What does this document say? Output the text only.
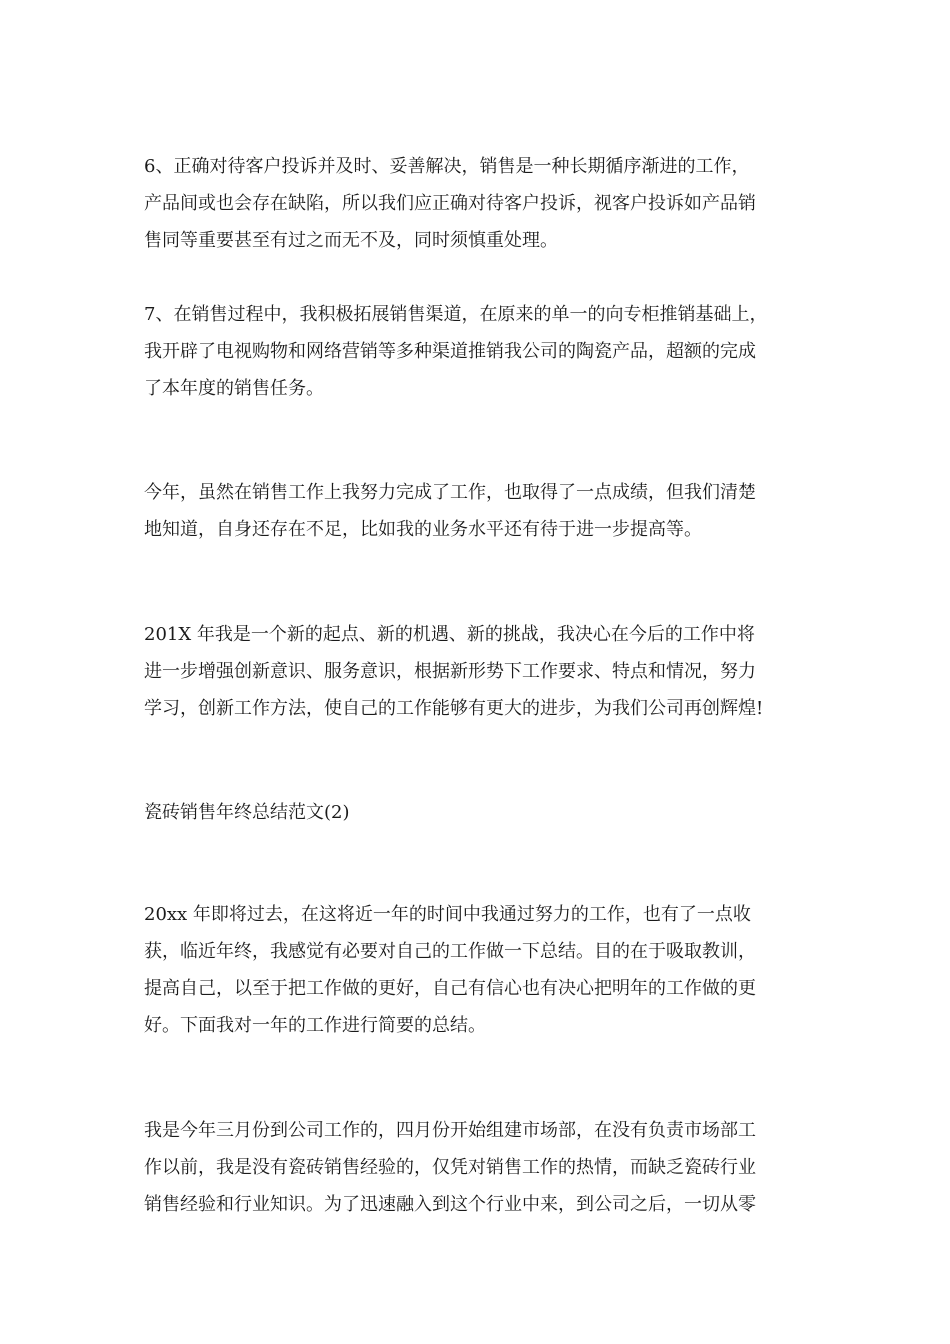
6、正确对待客户投诉并及时、妥善解决，销售是一种长期循序渐进的工作，
产品间或也会存在缺陷，所以我们应正确对待客户投诉，视客户投诉如产品销
售同等重要甚至有过之而无不及，同时须慎重处理。
7、在销售过程中，我积极拓展销售渠道，在原来的单一的向专柜推销基础上，
我开辟了电视购物和网络营销等多种渠道推销我公司的陶瓷产品，超额的完成
了本年度的销售任务。
今年，虽然在销售工作上我努力完成了工作，也取得了一点成绩，但我们清楚
地知道，自身还存在不足，比如我的业务水平还有待于进一步提高等。
201X 年我是一个新的起点、新的机遇、新的挑战，我决心在今后的工作中将
进一步增强创新意识、服务意识，根据新形势下工作要求、特点和情况，努力
学习，创新工作方法，使自己的工作能够有更大的进步，为我们公司再创辉煌!
瓷砖销售年终总结范文(2)
20xx 年即将过去，在这将近一年的时间中我通过努力的工作，也有了一点收
获，临近年终，我感觉有必要对自己的工作做一下总结。目的在于吸取教训，
提高自己，以至于把工作做的更好，自己有信心也有决心把明年的工作做的更
好。下面我对一年的工作进行简要的总结。
我是今年三月份到公司工作的，四月份开始组建市场部，在没有负责市场部工
作以前，我是没有瓷砖销售经验的，仅凭对销售工作的热情，而缺乏瓷砖行业
销售经验和行业知识。为了迅速融入到这个行业中来，到公司之后，一切从零
